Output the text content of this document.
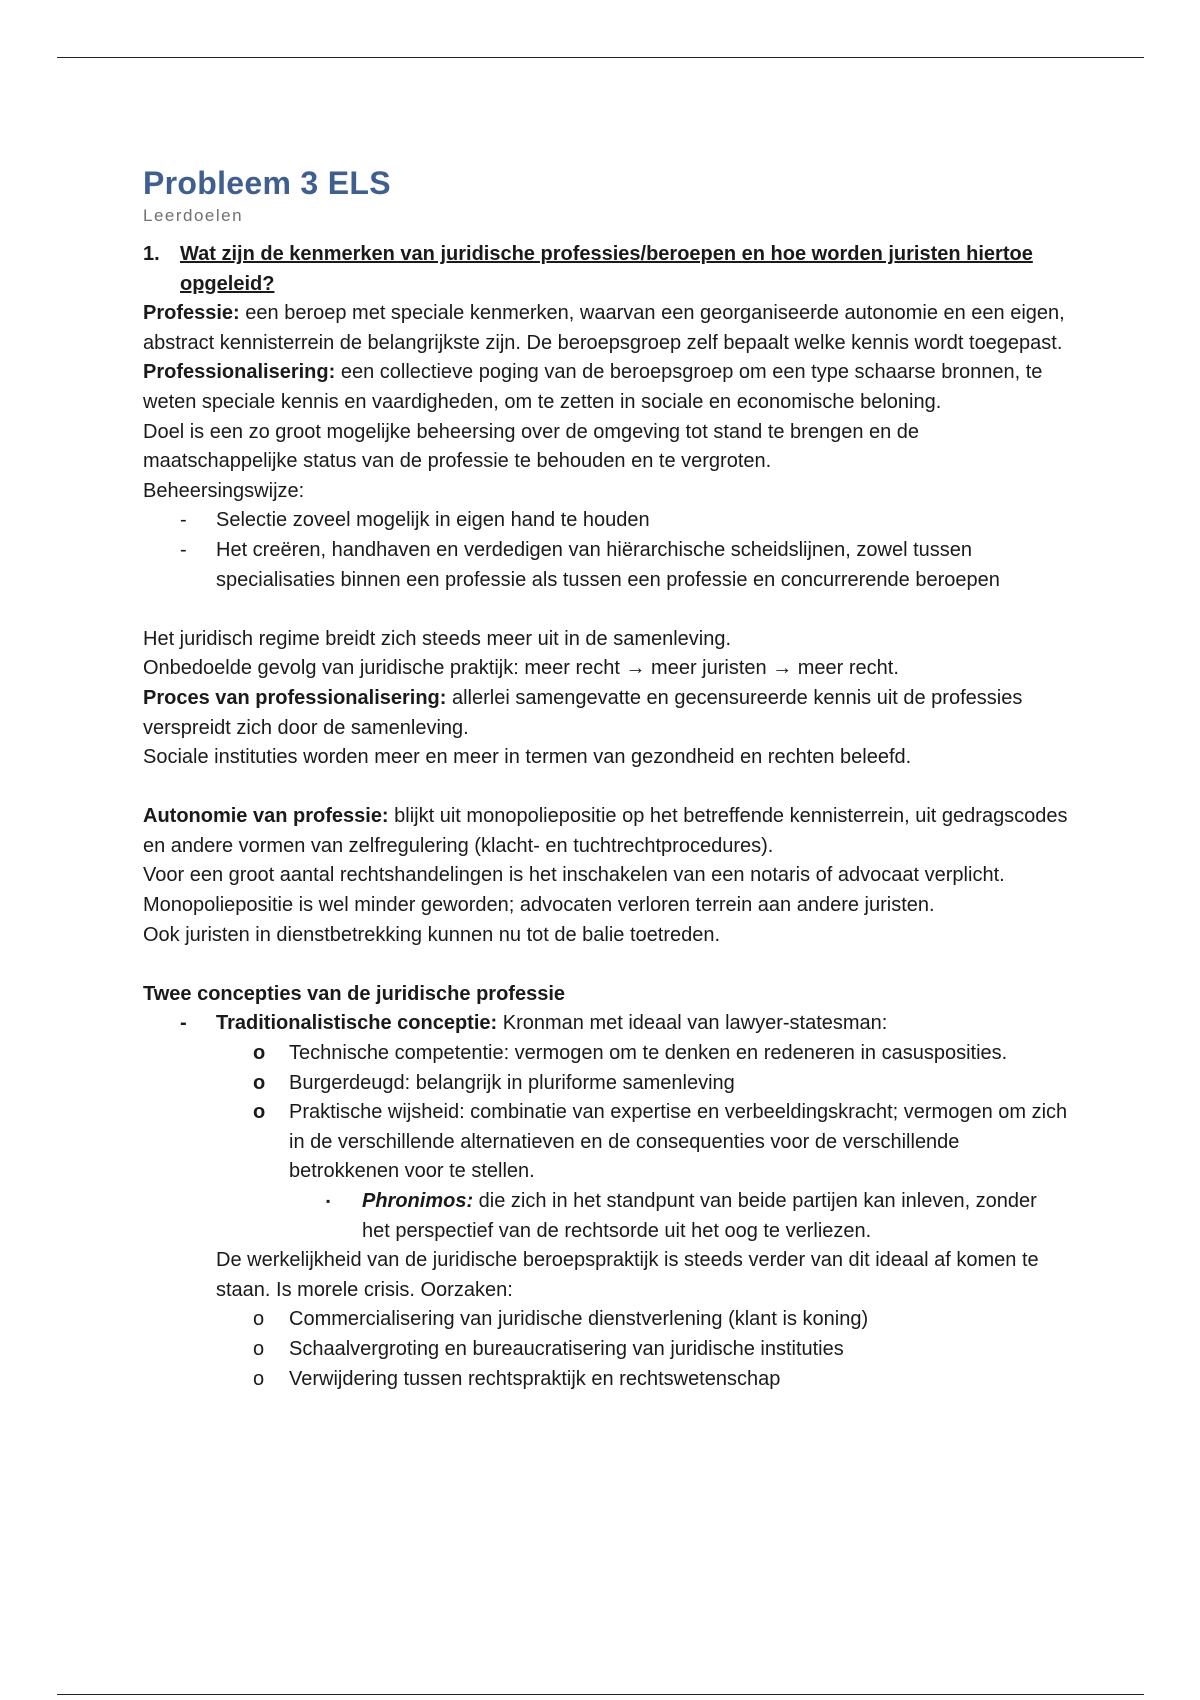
Probleem 3 ELS
Leerdoelen
1.	Wat zijn de kenmerken van juridische professies/beroepen en hoe worden juristen hiertoe opgeleid?

Professie: een beroep met speciale kenmerken, waarvan een georganiseerde autonomie en een eigen, abstract kennisterrein de belangrijkste zijn. De beroepsgroep zelf bepaalt welke kennis wordt toegepast.

Professionalisering: een collectieve poging van de beroepsgroep om een type schaarse bronnen, te weten speciale kennis en vaardigheden, om te zetten in sociale en economische beloning.

Doel is een zo groot mogelijke beheersing over de omgeving tot stand te brengen en de maatschappelijke status van de professie te behouden en te vergroten.

Beheersingswijze:

-	Selectie zoveel mogelijk in eigen hand te houden
-	Het creëren, handhaven en verdedigen van hiërarchische scheidslijnen, zowel tussen specialisaties binnen een professie als tussen een professie en concurrerende beroepen

Het juridisch regime breidt zich steeds meer uit in de samenleving.

Onbedoelde gevolg van juridische praktijk: meer recht → meer juristen → meer recht.

Proces van professionalisering: allerlei samengevatte en gecensureerde kennis uit de professies verspreidt zich door de samenleving.

Sociale instituties worden meer en meer in termen van gezondheid en rechten beleefd.

Autonomie van professie: blijkt uit monopoliepositie op het betreffende kennisterrein, uit gedragscodes en andere vormen van zelfregulering (klacht- en tuchtrechtprocedures).

Voor een groot aantal rechtshandelingen is het inschakelen van een notaris of advocaat verplicht.

Monopoliepositie is wel minder geworden; advocaten verloren terrein aan andere juristen.

Ook juristen in dienstbetrekking kunnen nu tot de balie toetreden.

Twee concepties van de juridische professie

-	Traditionalistische conceptie: Kronman met ideaal van lawyer-statesman:
o	Technische competentie: vermogen om te denken en redeneren in casusposities.
o	Burgerdeugd: belangrijk in pluriforme samenleving
o	Praktische wijsheid: combinatie van expertise en verbeeldingskracht; vermogen om zich in de verschillende alternatieven en de consequenties voor de verschillende betrokkenen voor te stellen.
▪	Phronimos: die zich in het standpunt van beide partijen kan inleven, zonder het perspectief van de rechtsorde uit het oog te verliezen.

De werkelijkheid van de juridische beroepspraktijk is steeds verder van dit ideaal af komen te staan. Is morele crisis. Oorzaken:

o	Commercialisering van juridische dienstverlening (klant is koning)
o	Schaalvergroting en bureaucratisering van juridische instituties
o	Verwijdering tussen rechtspraktijk en rechtswetenschap
